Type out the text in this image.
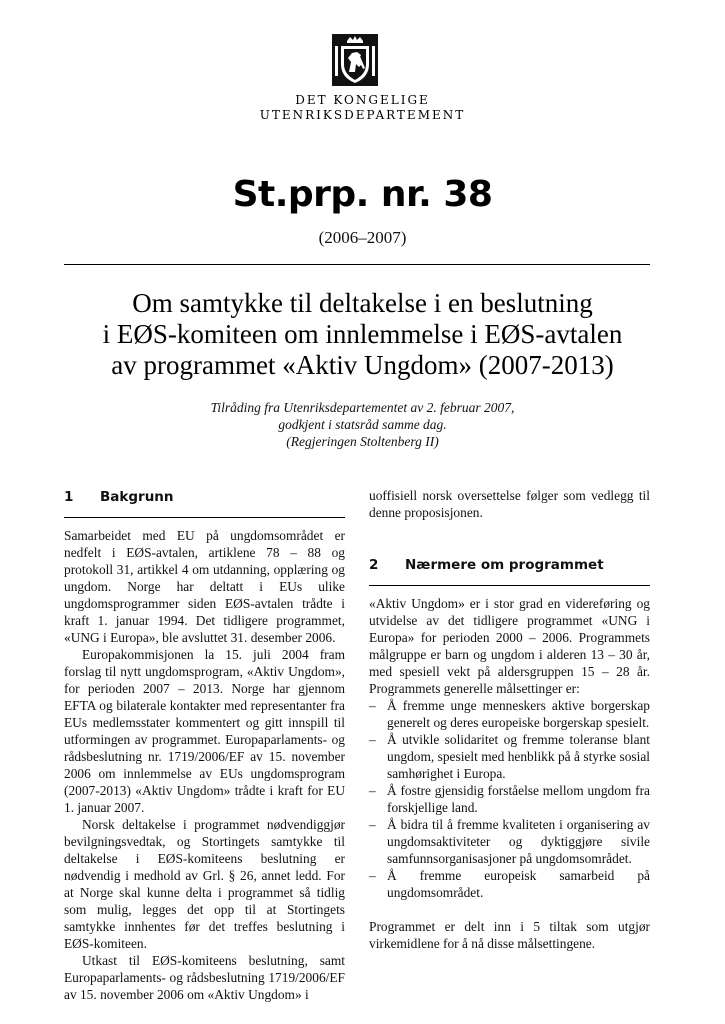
DET KONGELIGE
UTENRIKSDEPARTEMENT
St.prp. nr. 38
(2006–2007)
Om samtykke til deltakelse i en beslutning
i EØS-komiteen om innlemmelse i EØS-avtalen
av programmet «Aktiv Ungdom» (2007-2013)
Tilråding fra Utenriksdepartementet av 2. februar 2007,
godkjent i statsråd samme dag.
(Regjeringen Stoltenberg II)
1 Bakgrunn

Samarbeidet med EU på ungdomsområdet er nedfelt i EØS-avtalen, artiklene 78 – 88 og protokoll 31, artikkel 4 om utdanning, opplæring og ungdom. Norge har deltatt i EUs ulike ungdomsprogrammer siden EØS-avtalen trådte i kraft 1. januar 1994. Det tidligere programmet, «UNG i Europa», ble avsluttet 31. desember 2006.

Europakommisjonen la 15. juli 2004 fram forslag til nytt ungdomsprogram, «Aktiv Ungdom», for perioden 2007 – 2013. Norge har gjennom EFTA og bilaterale kontakter med representanter fra EUs medlemsstater kommentert og gitt innspill til utformingen av programmet. Europaparlaments- og rådsbeslutning nr. 1719/2006/EF av 15. november 2006 om innlemmelse av EUs ungdomsprogram (2007-2013) «Aktiv Ungdom» trådte i kraft for EU 1. januar 2007.

Norsk deltakelse i programmet nødvendiggjør bevilgningsvedtak, og Stortingets samtykke til deltakelse i EØS-komiteens beslutning er nødvendig i medhold av Grl. § 26, annet ledd. For at Norge skal kunne delta i programmet så tidlig som mulig, legges det opp til at Stortingets samtykke innhentes før det treffes beslutning i EØS-komiteen.

Utkast til EØS-komiteens beslutning, samt Europaparlaments- og rådsbeslutning 1719/2006/EF av 15. november 2006 om «Aktiv Ungdom» i

uoffisiell norsk oversettelse følger som vedlegg til denne proposisjonen.

2 Nærmere om programmet

«Aktiv Ungdom» er i stor grad en videreføring og utvidelse av det tidligere programmet «UNG i Europa» for perioden 2000 – 2006. Programmets målgruppe er barn og ungdom i alderen 13 – 30 år, med spesiell vekt på aldersgruppen 15 – 28 år. Programmets generelle målsettinger er:

– Å fremme unge menneskers aktive borgerskap generelt og deres europeiske borgerskap spesielt.
– Å utvikle solidaritet og fremme toleranse blant ungdom, spesielt med henblikk på å styrke sosial samhørighet i Europa.
– Å fostre gjensidig forståelse mellom ungdom fra forskjellige land.
– Å bidra til å fremme kvaliteten i organisering av ungdomsaktiviteter og dyktiggjøre sivile samfunnsorganisasjoner på ungdomsområdet.
– Å fremme europeisk samarbeid på ungdomsområdet.

Programmet er delt inn i 5 tiltak som utgjør virkemidlene for å nå disse målsettingene.
